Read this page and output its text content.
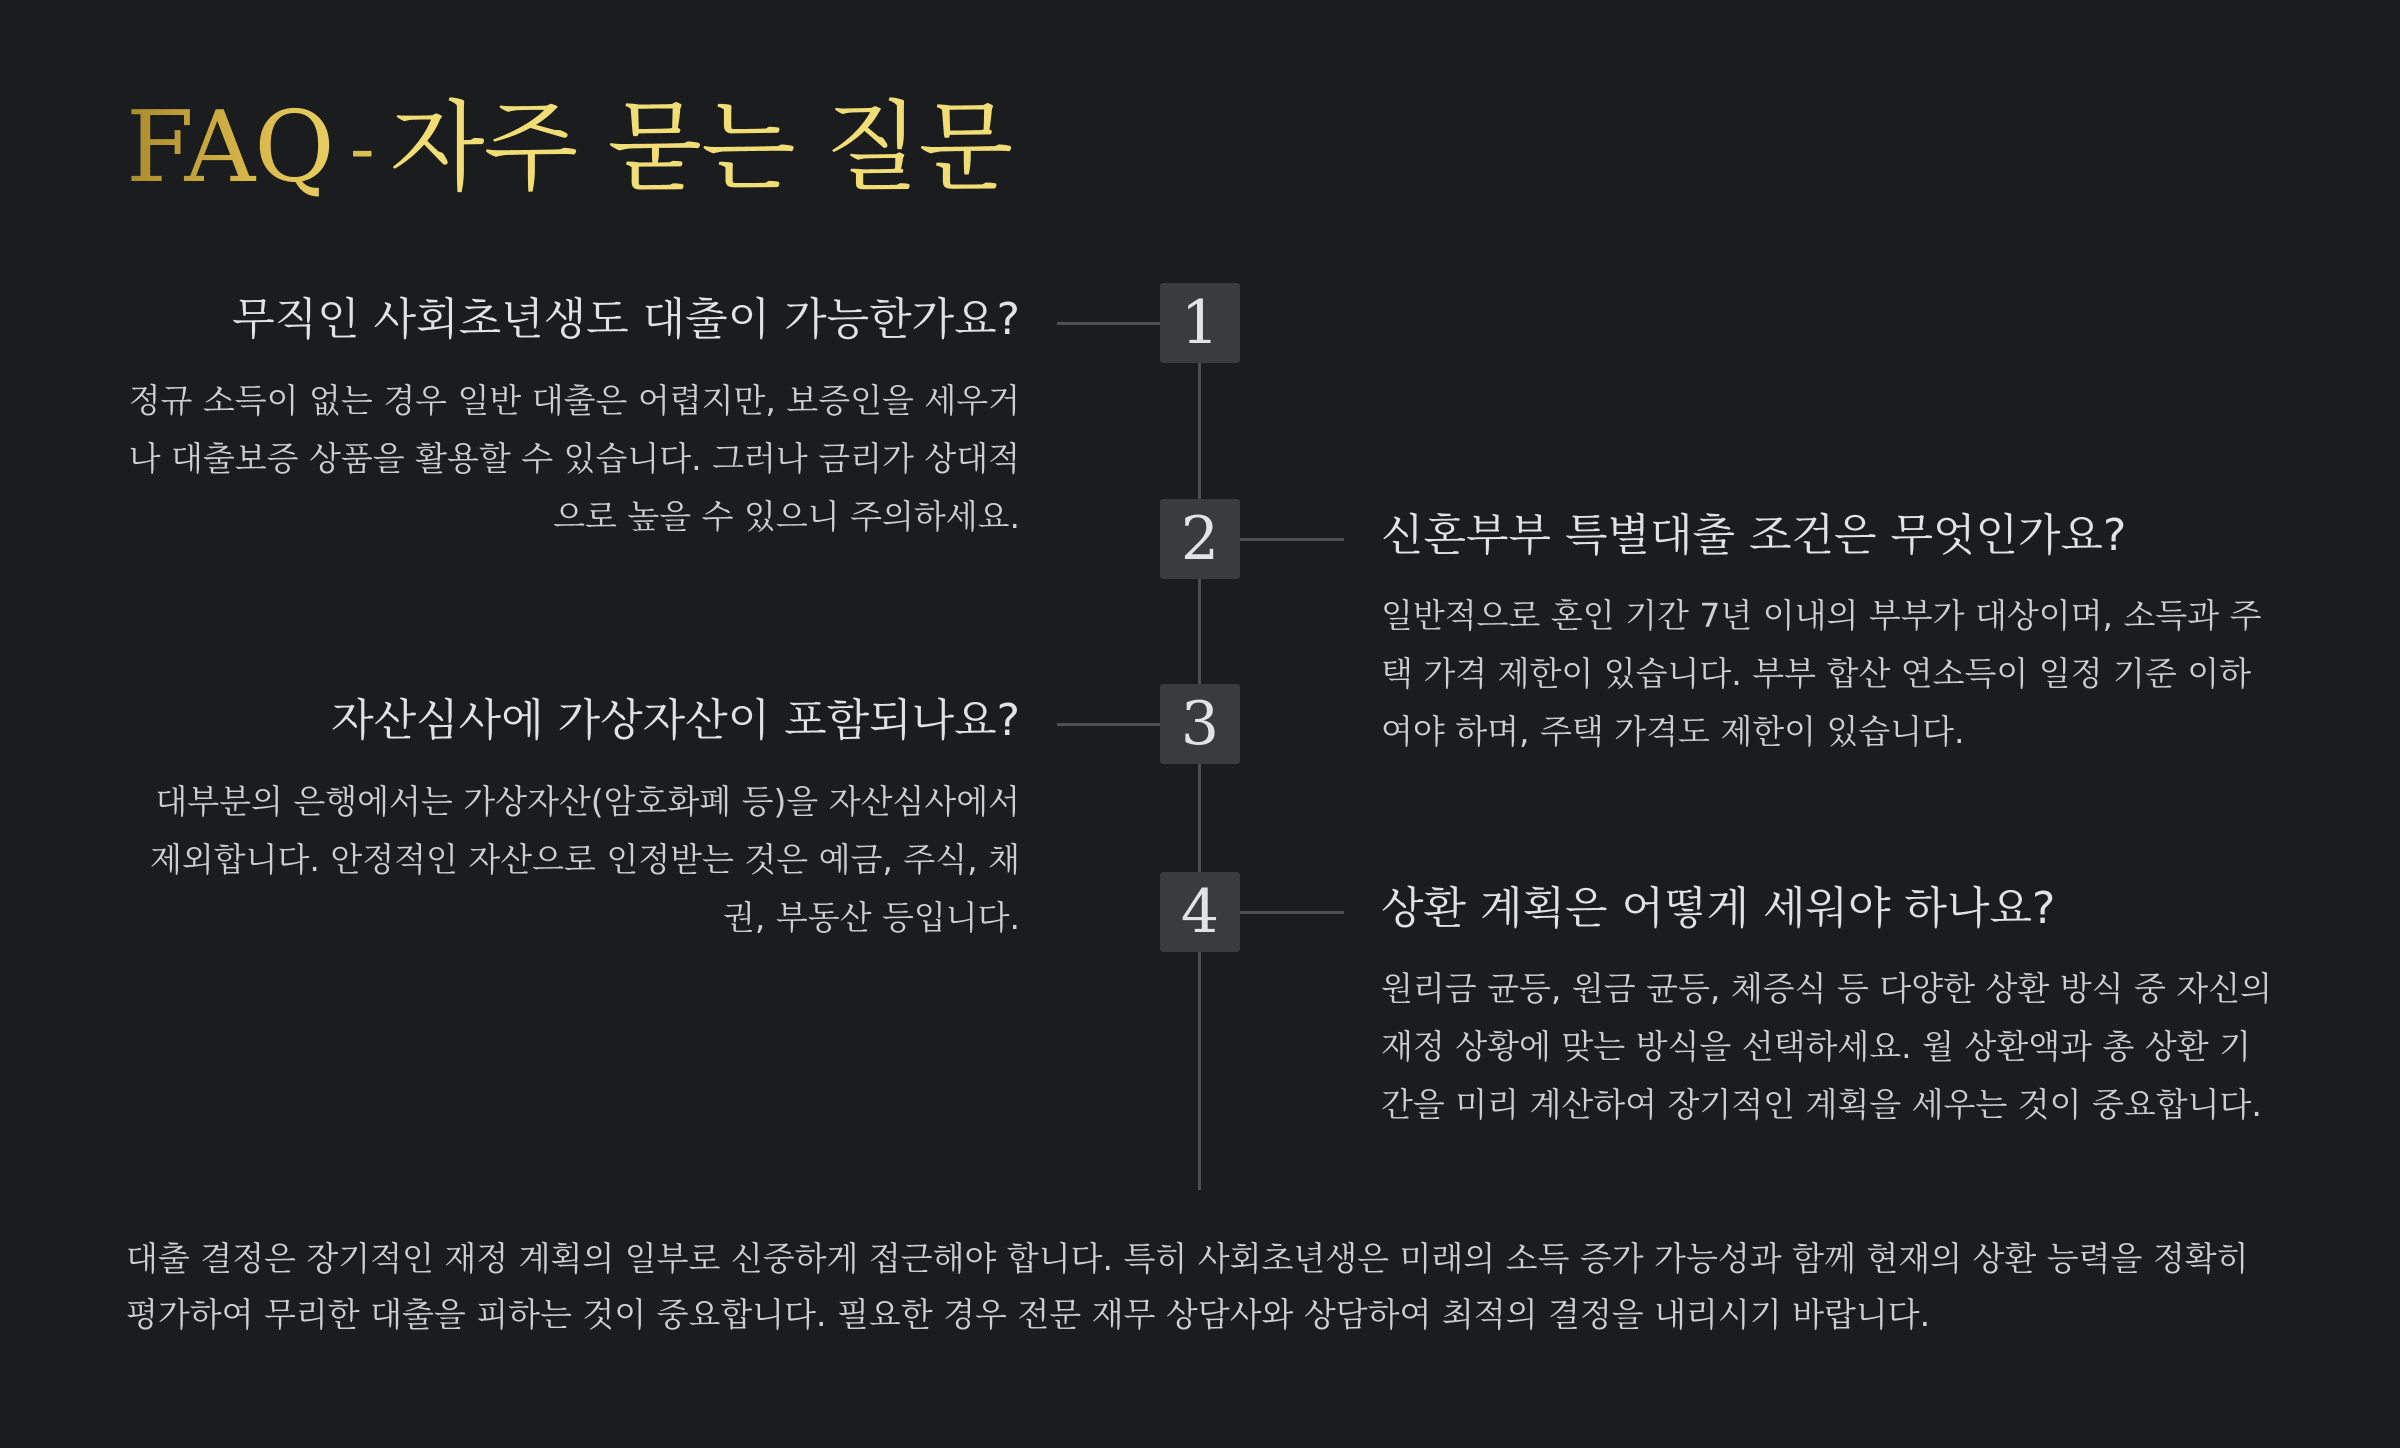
FAQ - 자주 묻는 질문
1
2
3
4
무직인 사회초년생도 대출이 가능한가요?

정규 소득이 없는 경우 일반 대출은 어렵지만, 보증인을 세우거나 대출보증 상품을 활용할 수 있습니다. 그러나 금리가 상대적으로 높을 수 있으니 주의하세요.	신혼부부 특별대출 조건은 무엇인가요?

일반적으로 혼인 기간 7년 이내의 부부가 대상이며, 소득과 주택 가격 제한이 있습니다. 부부 합산 연소득이 일정 기준 이하여야 하며, 주택 가격도 제한이 있습니다.

자산심사에 가상자산이 포함되나요?

대부분의 은행에서는 가상자산(암호화폐 등)을 자산심사에서 제외합니다. 안정적인 자산으로 인정받는 것은 예금, 주식, 채권, 부동산 등입니다.	상환 계획은 어떻게 세워야 하나요?

원리금 균등, 원금 균등, 체증식 등 다양한 상환 방식 중 자신의 재정 상황에 맞는 방식을 선택하세요. 월 상환액과 총 상환 기간을 미리 계산하여 장기적인 계획을 세우는 것이 중요합니다.

대출 결정은 장기적인 재정 계획의 일부로 신중하게 접근해야 합니다. 특히 사회초년생은 미래의 소득 증가 가능성과 함께 현재의 상환 능력을 정확히 평가하여 무리한 대출을 피하는 것이 중요합니다. 필요한 경우 전문 재무 상담사와 상담하여 최적의 결정을 내리시기 바랍니다.
